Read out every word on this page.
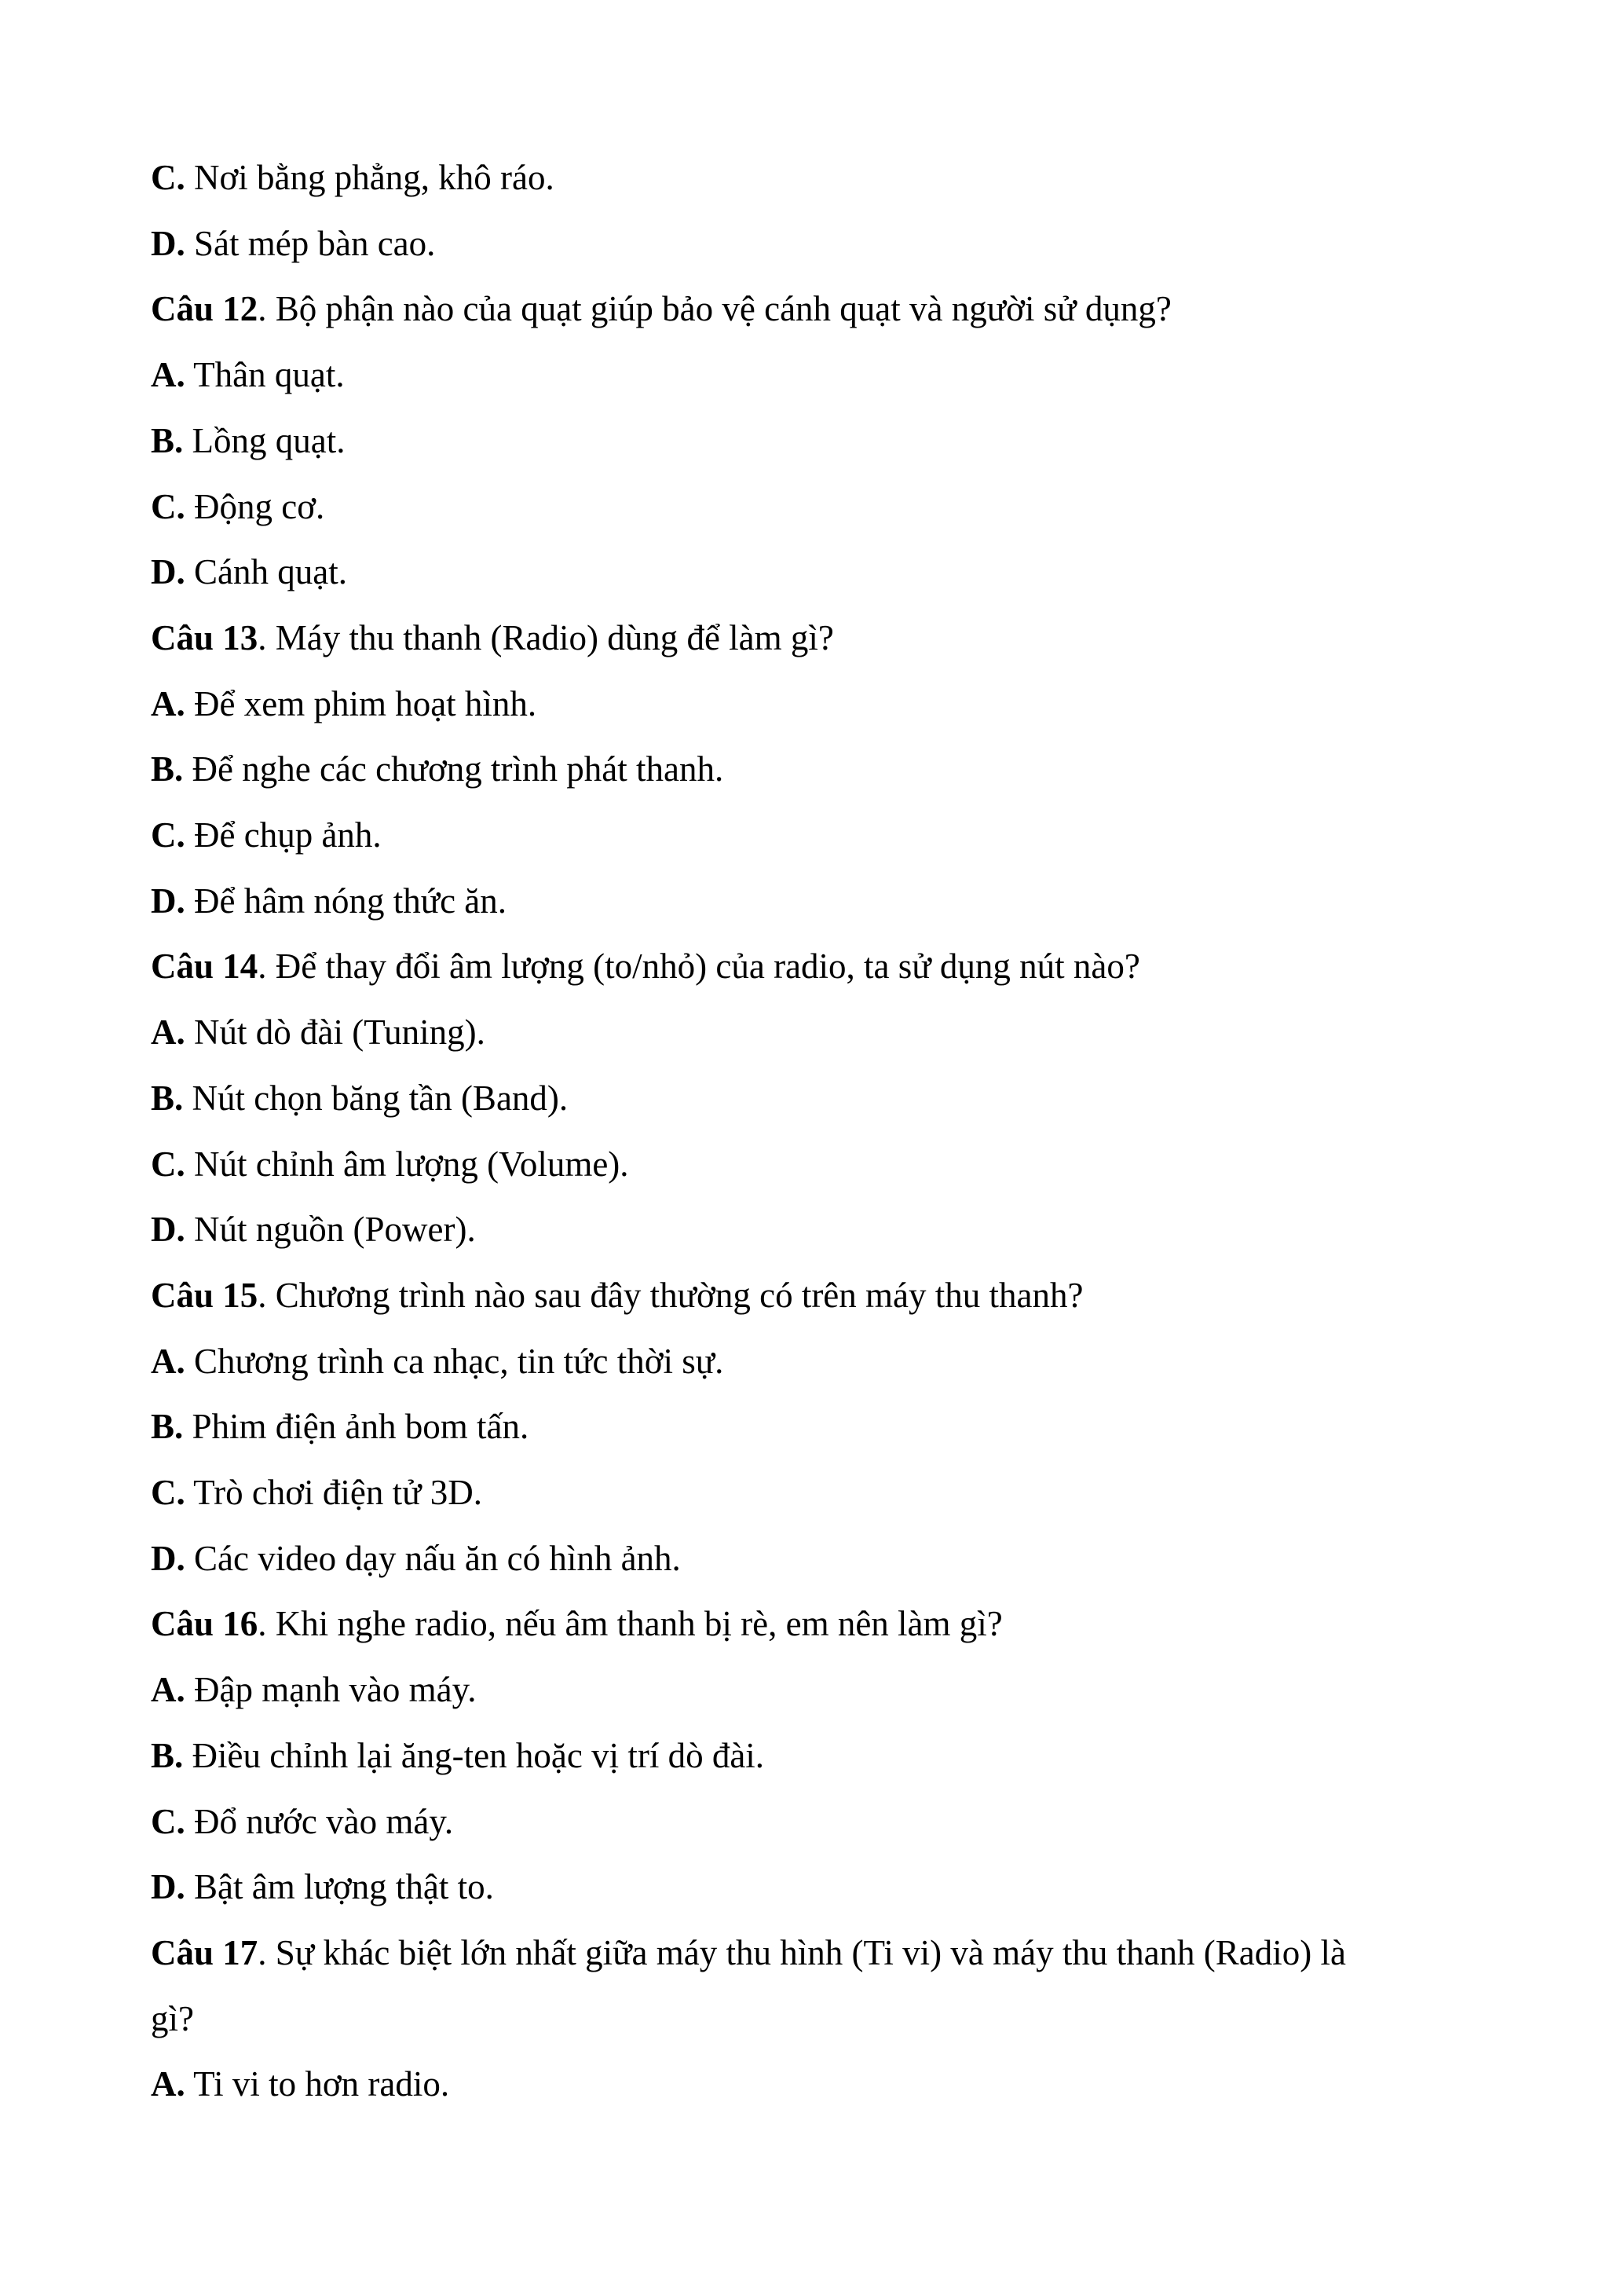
C. Nơi bằng phẳng, khô ráo.

D. Sát mép bàn cao.

Câu 12. Bộ phận nào của quạt giúp bảo vệ cánh quạt và người sử dụng?

A. Thân quạt.

B. Lồng quạt.

C. Động cơ.

D. Cánh quạt.

Câu 13. Máy thu thanh (Radio) dùng để làm gì?

A. Để xem phim hoạt hình.

B. Để nghe các chương trình phát thanh.

C. Để chụp ảnh.

D. Để hâm nóng thức ăn.

Câu 14. Để thay đổi âm lượng (to/nhỏ) của radio, ta sử dụng nút nào?

A. Nút dò đài (Tuning).

B. Nút chọn băng tần (Band).

C. Nút chỉnh âm lượng (Volume).

D. Nút nguồn (Power).

Câu 15. Chương trình nào sau đây thường có trên máy thu thanh?

A. Chương trình ca nhạc, tin tức thời sự.

B. Phim điện ảnh bom tấn.

C. Trò chơi điện tử 3D.

D. Các video dạy nấu ăn có hình ảnh.

Câu 16. Khi nghe radio, nếu âm thanh bị rè, em nên làm gì?

A. Đập mạnh vào máy.

B. Điều chỉnh lại ăng-ten hoặc vị trí dò đài.

C. Đổ nước vào máy.

D. Bật âm lượng thật to.

Câu 17. Sự khác biệt lớn nhất giữa máy thu hình (Ti vi) và máy thu thanh (Radio) là

gì?

A. Ti vi to hơn radio.
